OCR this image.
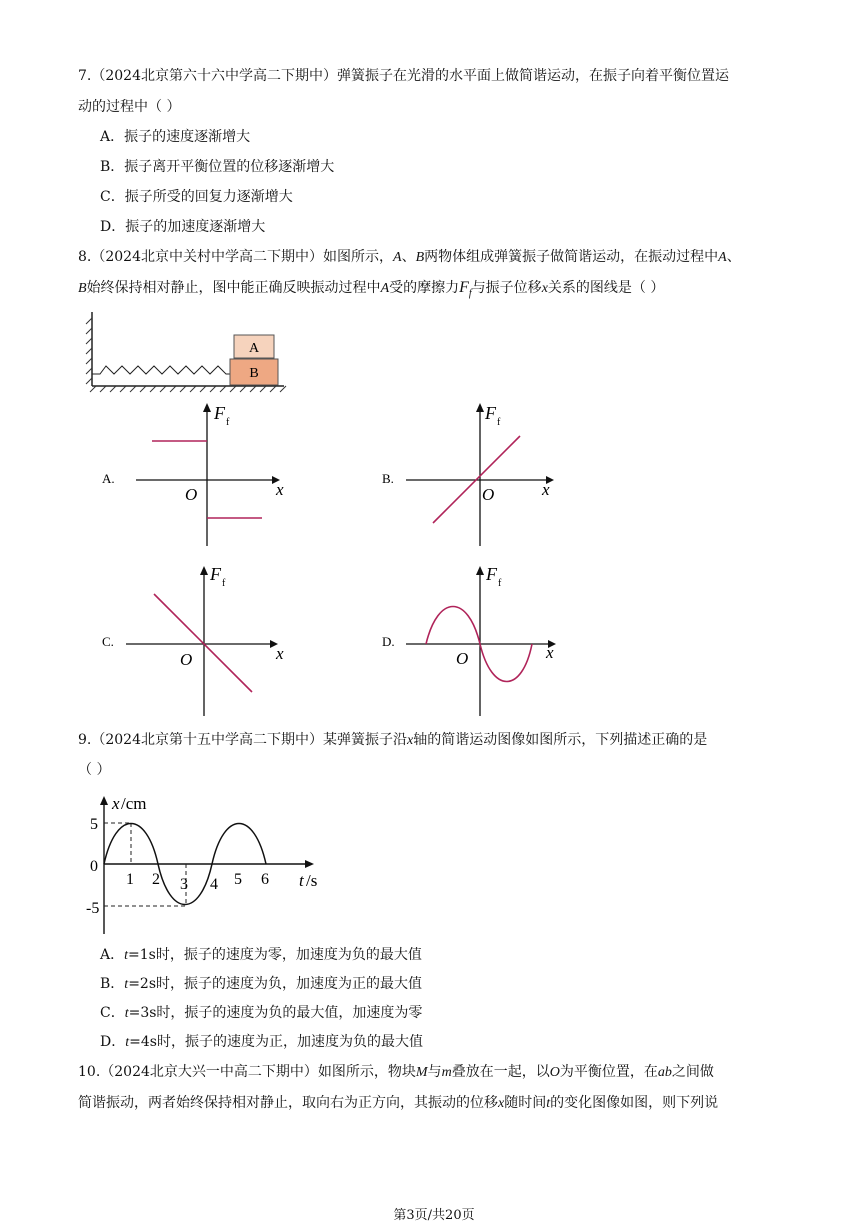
7.（2024北京第六十六中学高二下期中）弹簧振子在光滑的水平面上做简谐运动，在振子向着平衡位置运
动的过程中（ ）
A．振子的速度逐渐增大
B．振子离开平衡位置的位移逐渐增大
C．振子所受的回复力逐渐增大
D．振子的加速度逐渐增大
8.（2024北京中关村中学高二下期中）如图所示，A、B两物体组成弹簧振子做简谐运动，在振动过程中A、
B始终保持相对静止，图中能正确反映振动过程中A受的摩擦力$F_f$与振子位移x关系的图线是（ ）
A
B
A.
F f
O	x
B.
F f
O	x
C.
F f
O	x
D.
F f
O	x
9.（2024北京第十五中学高二下期中）某弹簧振子沿x轴的简谐运动图像如图所示，下列描述正确的是
（ ）
x /cm
t /s
5
0
-5
1 2 3 4 5 6
A．t=1s时，振子的速度为零，加速度为负的最大值
B．t=2s时，振子的速度为负，加速度为正的最大值
C．t=3s时，振子的速度为负的最大值，加速度为零
D．t=4s时，振子的速度为正，加速度为负的最大值
10.（2024北京大兴一中高二下期中）如图所示，物块M与m叠放在一起，以O为平衡位置，在ab之间做
简谐振动，两者始终保持相对静止，取向右为正方向，其振动的位移x随时间t的变化图像如图，则下列说
第3页/共20页
